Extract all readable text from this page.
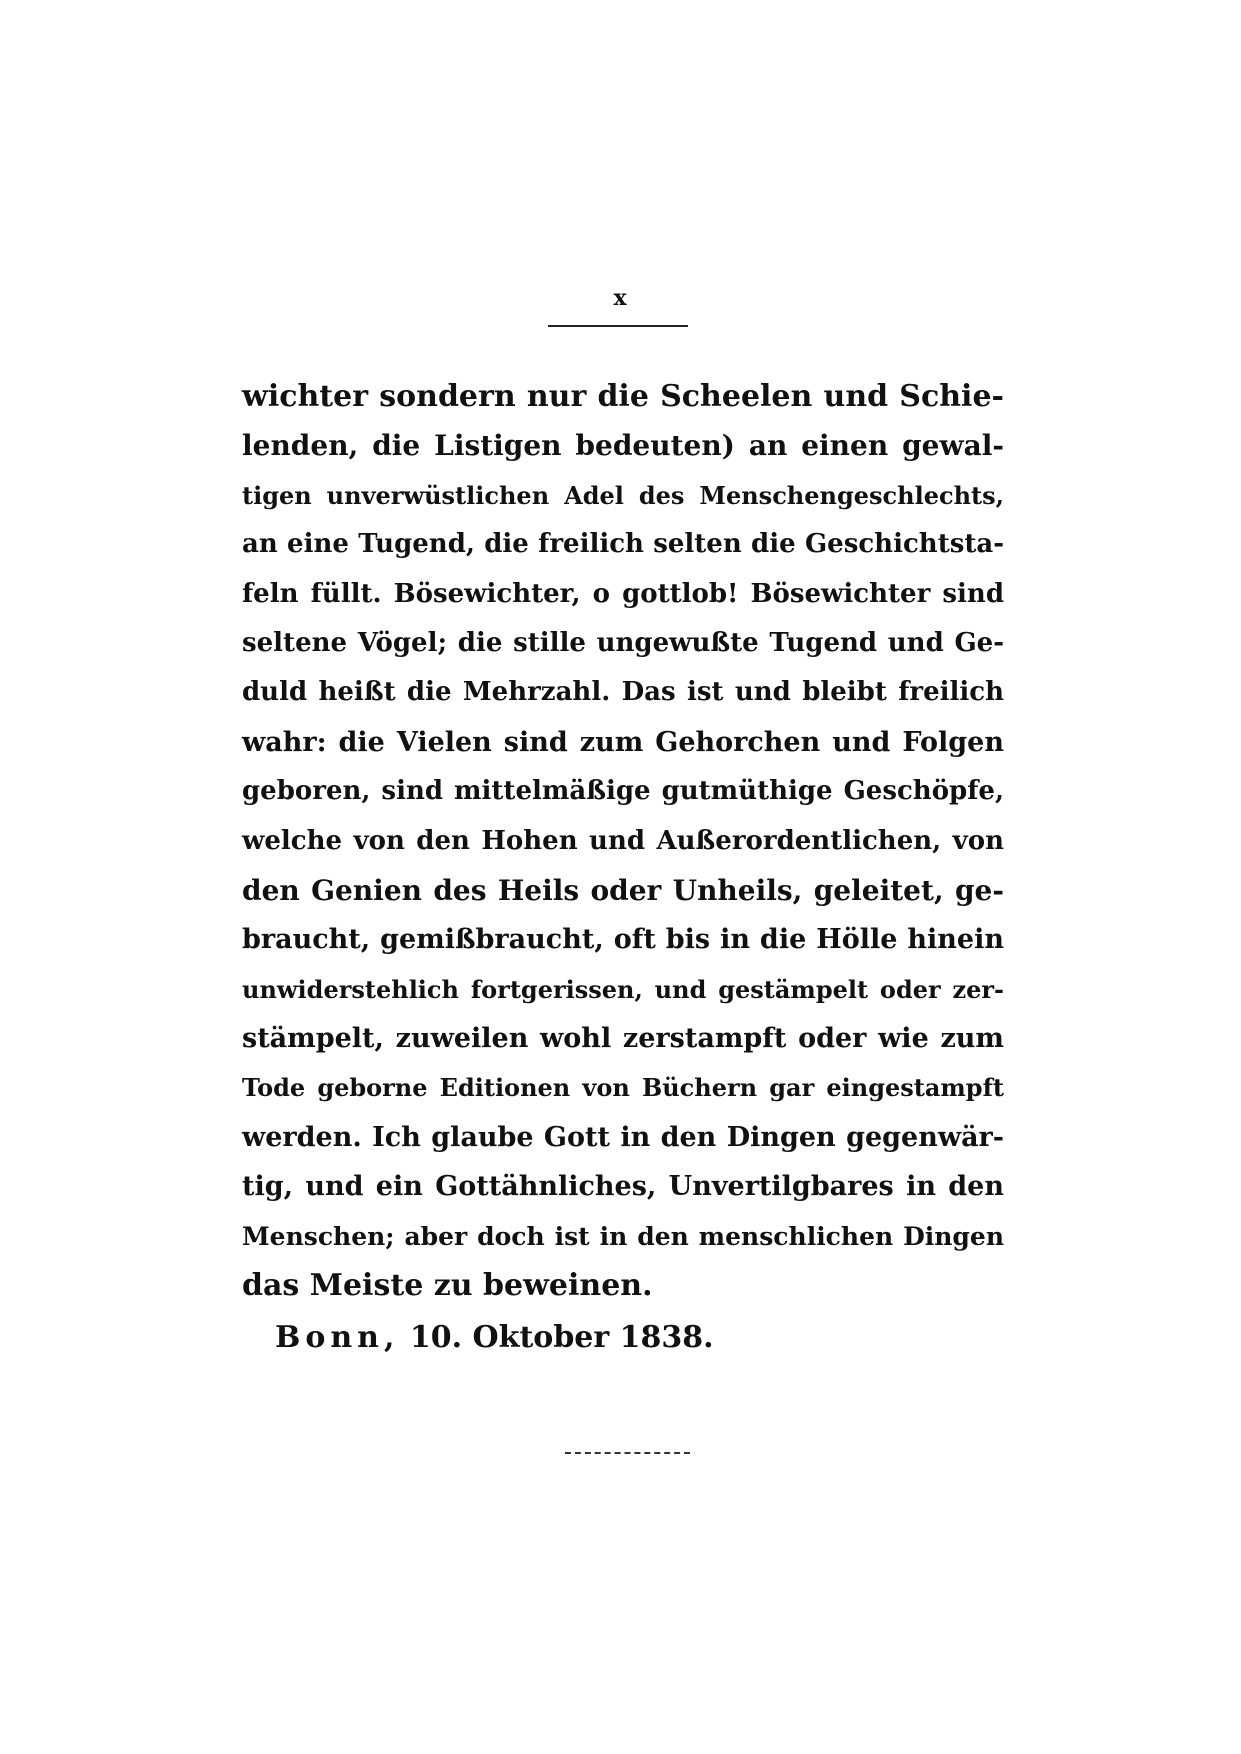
x
wichter sondern nur die Scheelen und Schie-
lenden, die Listigen bedeuten) an einen gewal-
tigen unverwüstlichen Adel des Menschengeschlechts,
an eine Tugend, die freilich selten die Geschichtsta-
feln füllt. Bösewichter, o gottlob! Bösewichter sind
seltene Vögel; die stille ungewußte Tugend und Ge-
duld heißt die Mehrzahl. Das ist und bleibt freilich
wahr: die Vielen sind zum Gehorchen und Folgen
geboren, sind mittelmäßige gutmüthige Geschöpfe,
welche von den Hohen und Außerordentlichen, von
den Genien des Heils oder Unheils, geleitet, ge-
braucht, gemißbraucht, oft bis in die Hölle hinein
unwiderstehlich fortgerissen, und gestämpelt oder zer-
stämpelt, zuweilen wohl zerstampft oder wie zum
Tode geborne Editionen von Büchern gar eingestampft
werden. Ich glaube Gott in den Dingen gegenwär-
tig, und ein Gottähnliches, Unvertilgbares in den
Menschen; aber doch ist in den menschlichen Dingen
das Meiste zu beweinen.
Bonn, 10. Oktober 1838.
